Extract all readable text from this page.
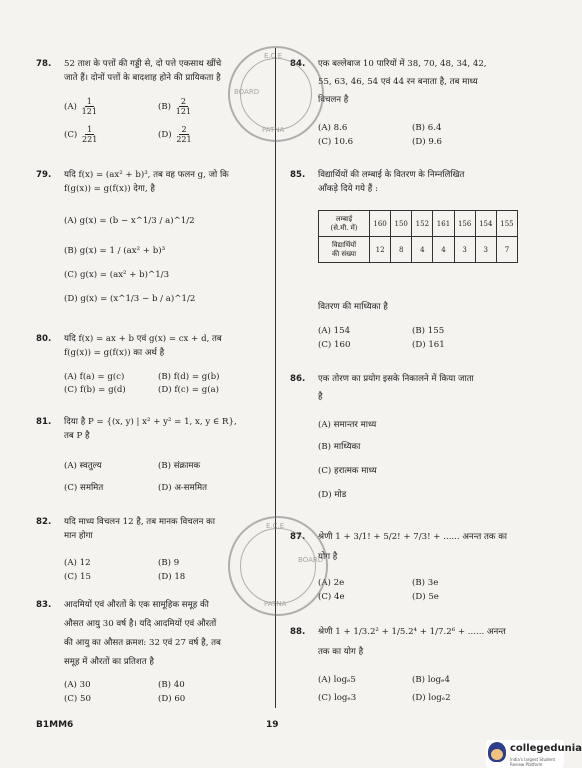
78. 52 ताश के पत्तों की गड्डी से, दो पत्ते एकसाथ खींचे
जाते हैं। दोनों पत्तों के बादशाह होने की प्रायिकता है
$(A) \frac{1}{121}$	$(B) \frac{2}{121}$
$(C) \frac{1}{221}$	$(D) \frac{2}{221}$
79. यदि f(x) = (ax² + b)³, तब वह फलन g, जो कि
f(g(x)) = g(f(x)) देगा, है
(A) g(x) = (b − x^1/3 / a)^1/2
(B) g(x) = 1 / (ax² + b)³
(C) g(x) = (ax² + b)^1/3
(D) g(x) = (x^1/3 − b / a)^1/2
80. यदि f(x) = ax + b एवं g(x) = cx + d, तब
f(g(x)) = g(f(x)) का अर्थ है
(A) f(a) = g(c)	(B) f(d) = g(b)
(C) f(b) = g(d)	(D) f(c) = g(a)
81. दिया है P = {(x, y) | x² + y² = 1, x, y ∈ R},
तब P है
(A) स्वतुल्य	(B) संक्रामक
(C) सममित	(D) अ-सममित
82. यदि माध्य विचलन 12 है, तब मानक विचलन का
मान होगा
(A) 12	(B) 9
(C) 15	(D) 18
83. आदमियों एवं औरतों के एक सामूहिक समूह की
औसत आयु 30 वर्ष है। यदि आदमियों एवं औरतों
की आयु का औसत क्रमश: 32 एवं 27 वर्ष है, तब
समूह में औरतों का प्रतिशत है
(A) 30	(B) 40
(C) 50	(D) 60
84. एक बल्लेबाज 10 पारियों में 38, 70, 48, 34, 42,
55, 63, 46, 54 एवं 44 रन बनाता है, तब माध्य
विचलन है
(A) 8.6	(B) 6.4
(C) 10.6	(D) 9.6
85. विद्यार्थियों की लम्बाई के वितरण के निम्नलिखित
आँकड़े दिये गये हैं :
वितरण की माध्यिका है
(A) 154	(B) 155
(C) 160	(D) 161
लम्बाई
(से.मी. में)	160	150	152	161	156	154	155
विद्यार्थियों
की संख्या	12	8	4	4	3	3	7
86. एक तोरण का प्रयोग इसके निकालने में किया जाता
है
(A) समान्तर माध्य
(B) माध्यिका
(C) हरात्मक माध्य
(D) मोड
87. श्रेणी 1 + 3/1! + 5/2! + 7/3! + ...... अनन्त तक का
योग है
(A) 2e	(B) 3e
(C) 4e	(D) 5e
88. श्रेणी 1 + 1/3.2² + 1/5.2⁴ + 1/7.2⁶ + ...... अनन्त
तक का योग है
(A) logₑ5	(B) logₑ4
(C) logₑ3	(D) logₑ2
E.C.E
BOARD
PATNA
E.C.E
BOARD
PATNA
B1MM6	19
collegedunia
India's largest Student Review Platform
